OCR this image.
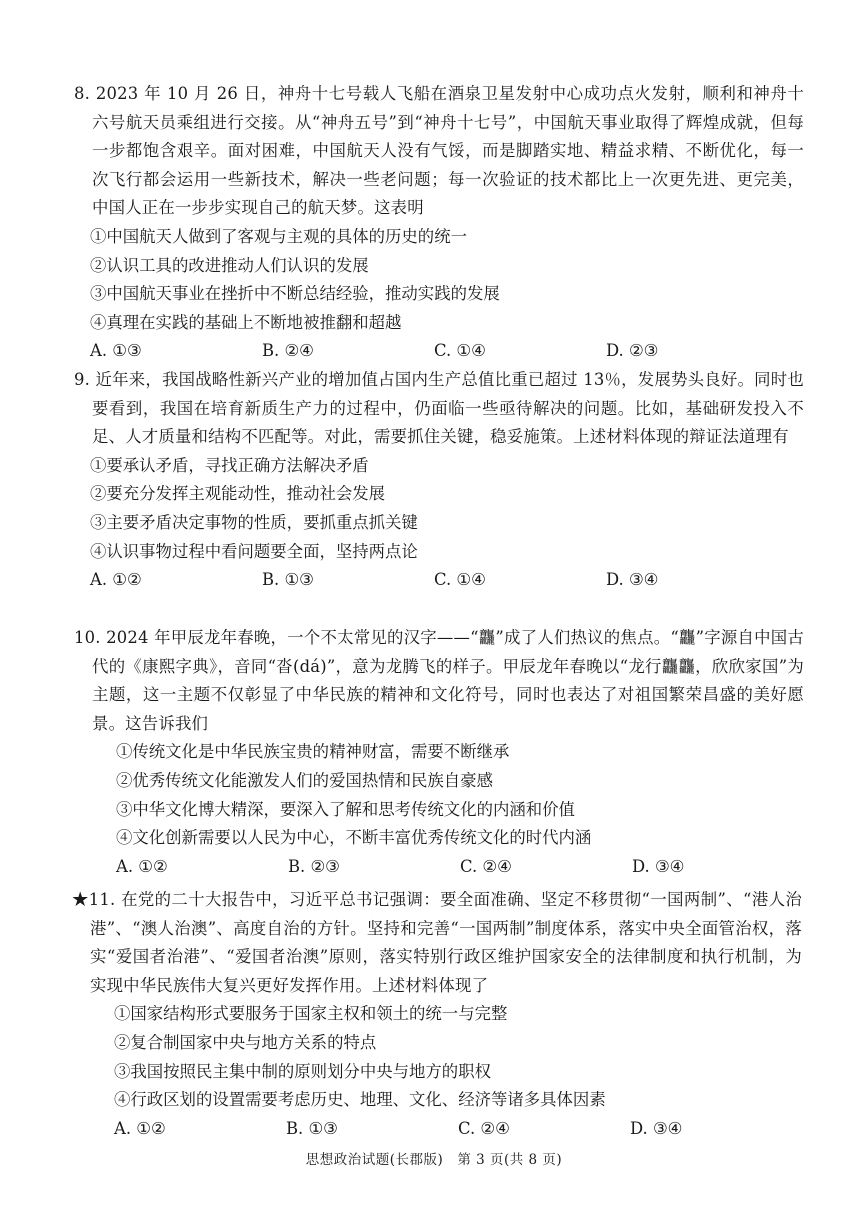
8. 2023 年 10 月 26 日，神舟十七号载人飞船在酒泉卫星发射中心成功点火发射，顺利和神舟十六号航天员乘组进行交接。从“神舟五号”到“神舟十七号”，中国航天事业取得了辉煌成就，但每一步都饱含艰辛。面对困难，中国航天人没有气馁，而是脚踏实地、精益求精、不断优化，每一次飞行都会运用一些新技术，解决一些老问题；每一次验证的技术都比上一次更先进、更完美，中国人正在一步步实现自己的航天梦。这表明
①中国航天人做到了客观与主观的具体的历史的统一
②认识工具的改进推动人们认识的发展
③中国航天事业在挫折中不断总结经验，推动实践的发展
④真理在实践的基础上不断地被推翻和超越
A. ①③	B. ②④	C. ①④	D. ②③
9. 近年来，我国战略性新兴产业的增加值占国内生产总值比重已超过 13％，发展势头良好。同时也要看到，我国在培育新质生产力的过程中，仍面临一些亟待解决的问题。比如，基础研发投入不足、人才质量和结构不匹配等。对此，需要抓住关键，稳妥施策。上述材料体现的辩证法道理有
①要承认矛盾，寻找正确方法解决矛盾
②要充分发挥主观能动性，推动社会发展
③主要矛盾决定事物的性质，要抓重点抓关键
④认识事物过程中看问题要全面，坚持两点论
A. ①②	B. ①③	C. ①④	D. ③④
10. 2024 年甲辰龙年春晚，一个不太常见的汉字——“龘”成了人们热议的焦点。“龘”字源自中国古代的《康熙字典》，音同“沓(dá)”，意为龙腾飞的样子。甲辰龙年春晚以“龙行龘龘，欣欣家国”为主题，这一主题不仅彰显了中华民族的精神和文化符号，同时也表达了对祖国繁荣昌盛的美好愿景。这告诉我们
①传统文化是中华民族宝贵的精神财富，需要不断继承
②优秀传统文化能激发人们的爱国热情和民族自豪感
③中华文化博大精深，要深入了解和思考传统文化的内涵和价值
④文化创新需要以人民为中心，不断丰富优秀传统文化的时代内涵
A. ①②	B. ②③	C. ②④	D. ③④
★11. 在党的二十大报告中，习近平总书记强调：要全面准确、坚定不移贯彻“一国两制”、“港人治港”、“澳人治澳”、高度自治的方针。坚持和完善“一国两制”制度体系，落实中央全面管治权，落实“爱国者治港”、“爱国者治澳”原则，落实特别行政区维护国家安全的法律制度和执行机制，为实现中华民族伟大复兴更好发挥作用。上述材料体现了
①国家结构形式要服务于国家主权和领土的统一与完整
②复合制国家中央与地方关系的特点
③我国按照民主集中制的原则划分中央与地方的职权
④行政区划的设置需要考虑历史、地理、文化、经济等诸多具体因素
A. ①②	B. ①③	C. ②④	D. ③④
思想政治试题(长郡版)　第 3 页(共 8 页)
